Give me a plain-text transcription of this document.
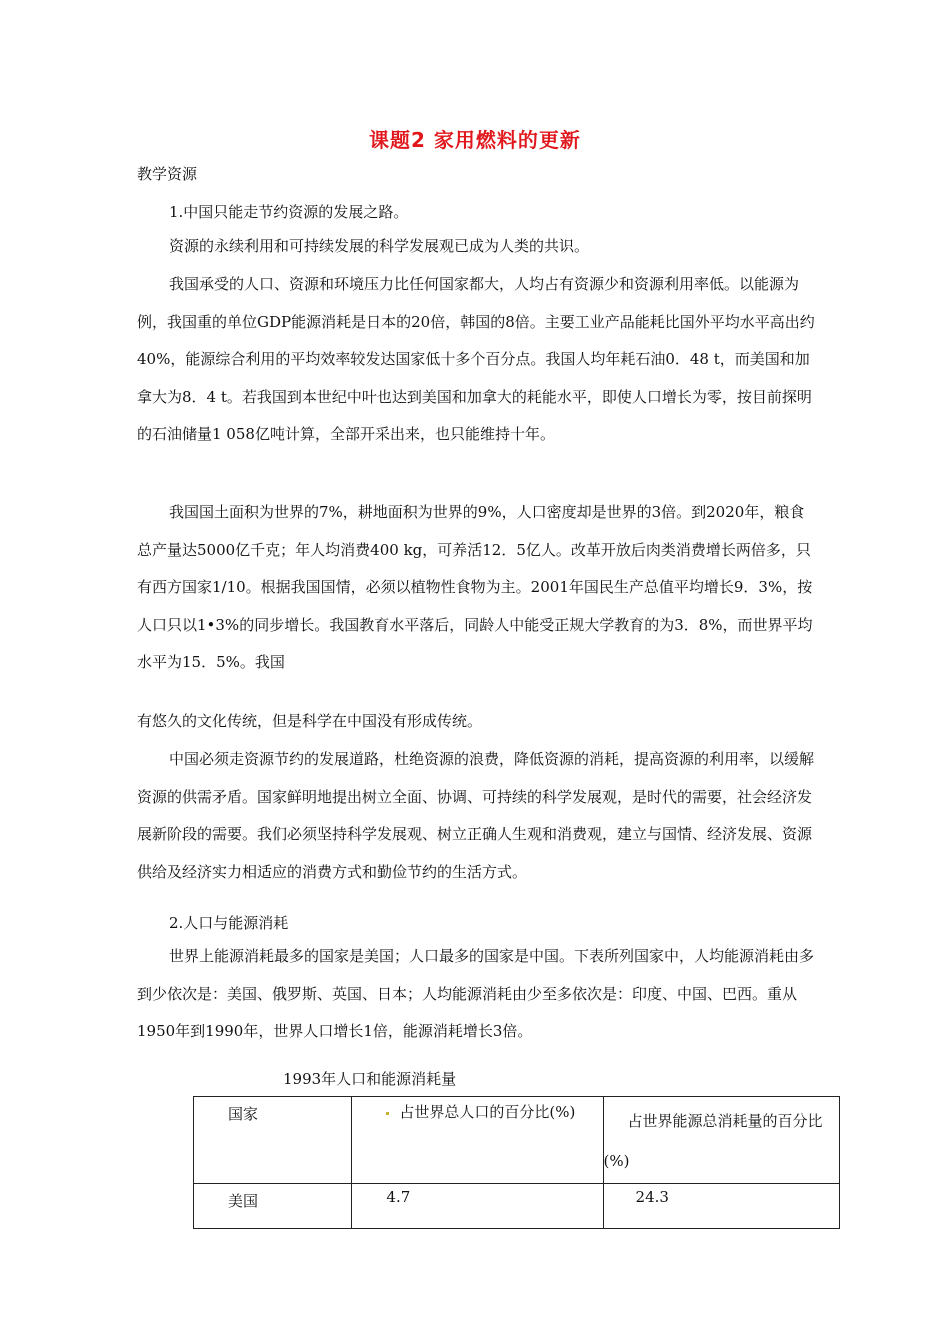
课题2 家用燃料的更新
教学资源

1.中国只能走节约资源的发展之路。

资源的永续利用和可持续发展的科学发展观已成为人类的共识。

我国承受的人口、资源和环境压力比任何国家都大，人均占有资源少和资源利用率低。以能源为例，我国重的单位GDP能源消耗是日本的20倍，韩国的8倍。主要工业产品能耗比国外平均水平高出约40%，能源综合利用的平均效率较发达国家低十多个百分点。我国人均年耗石油0．48 t，而美国和加拿大为8．4 t。若我国到本世纪中叶也达到美国和加拿大的耗能水平，即使人口增长为零，按目前探明的石油储量1 058亿吨计算，全部开采出来，也只能维持十年。

我国国土面积为世界的7%，耕地面积为世界的9%，人口密度却是世界的3倍。到2020年，粮食总产量达5000亿千克；年人均消费400 kg，可养活12．5亿人。改革开放后肉类消费增长两倍多，只有西方国家1/10。根据我国国情，必须以植物性食物为主。2001年国民生产总值平均增长9．3%，按人口只以1•3%的同步增长。我国教育水平落后，同龄人中能受正规大学教育的为3．8%，而世界平均水平为15．5%。我国

有悠久的文化传统，但是科学在中国没有形成传统。

中国必须走资源节约的发展道路，杜绝资源的浪费，降低资源的消耗，提高资源的利用率，以缓解资源的供需矛盾。国家鲜明地提出树立全面、协调、可持续的科学发展观，是时代的需要，社会经济发展新阶段的需要。我们必须坚持科学发展观、树立正确人生观和消费观，建立与国情、经济发展、资源供给及经济实力相适应的消费方式和勤俭节约的生活方式。

2.人口与能源消耗

世界上能源消耗最多的国家是美国；人口最多的国家是中国。下表所列国家中，人均能源消耗由多到少依次是：美国、俄罗斯、英国、日本；人均能源消耗由少至多依次是：印度、中国、巴西。重从1950年到1990年，世界人口增长1倍，能源消耗增长3倍。

1993年人口和能源消耗量
国家	占世界总人口的百分比(%)	占世界能源总消耗量的百分比
(%)

美国	4.7	24.3
